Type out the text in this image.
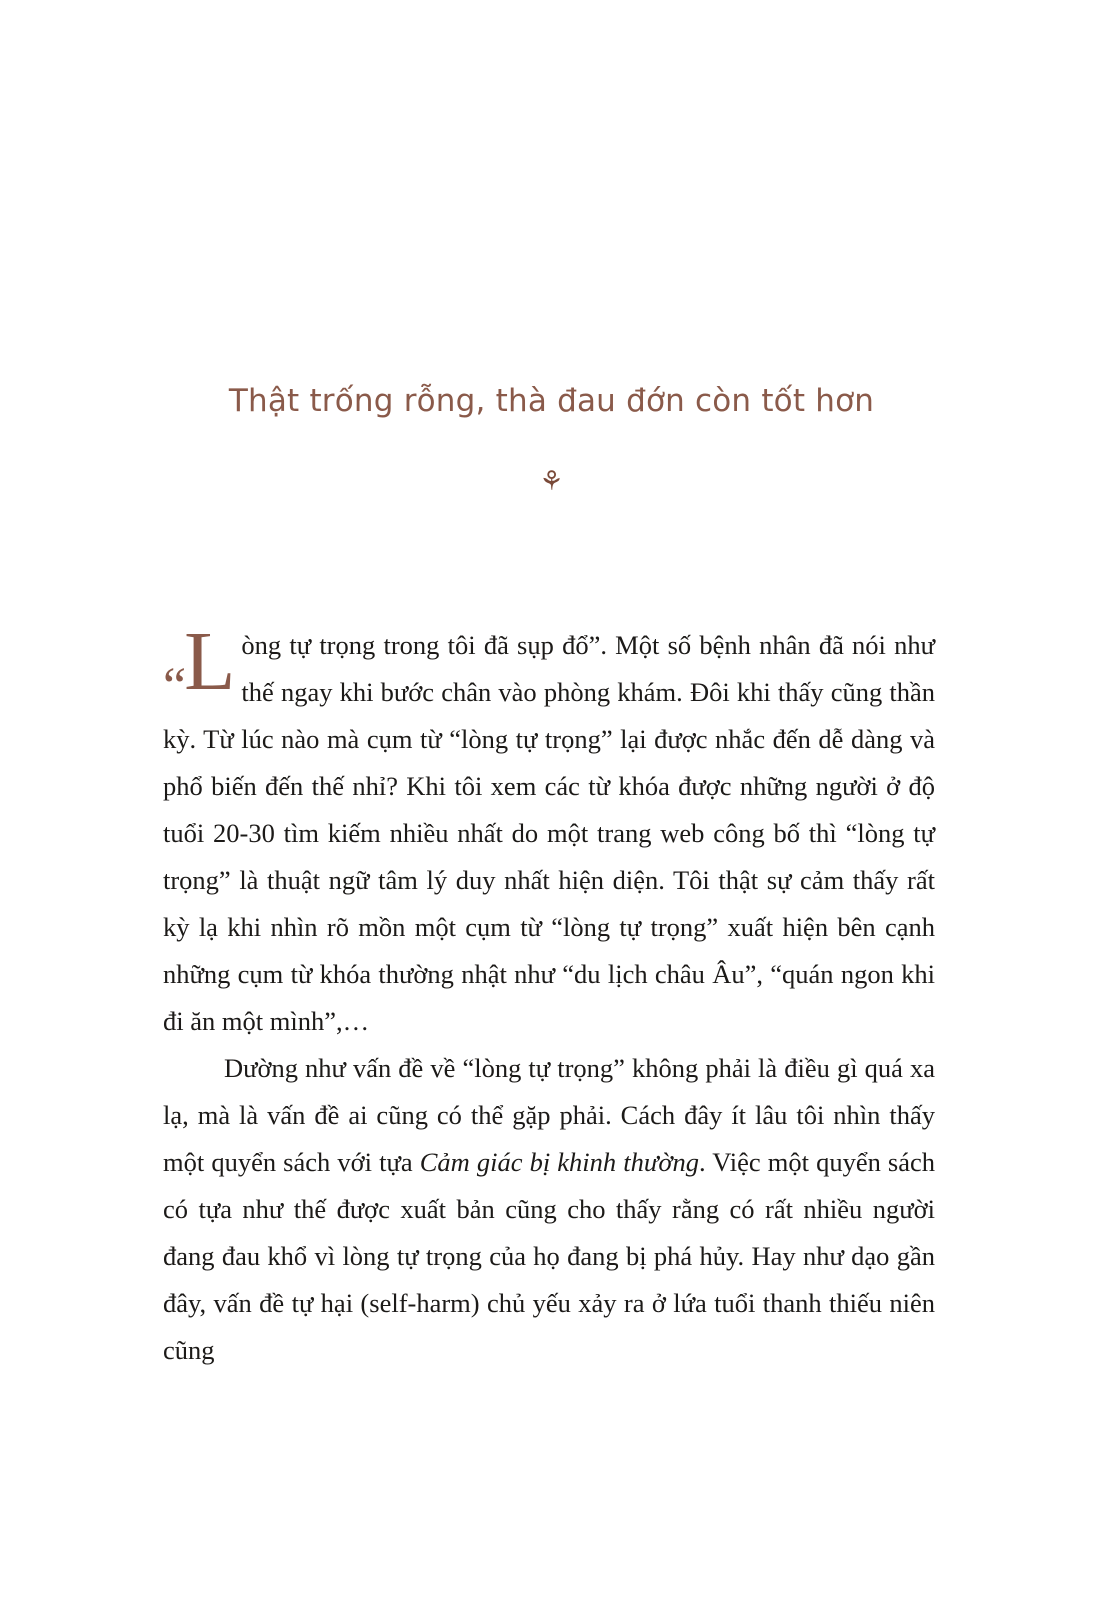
Thật trống rỗng, thà đau đớn còn tốt hơn
⚘

“L òng tự trọng trong tôi đã sụp đổ”. Một số bệnh nhân đã nói như thế ngay khi bước chân vào phòng khám. Đôi khi thấy cũng thần kỳ. Từ lúc nào mà cụm từ “lòng tự trọng” lại được nhắc đến dễ dàng và phổ biến đến thế nhỉ? Khi tôi xem các từ khóa được những người ở độ tuổi 20-30 tìm kiếm nhiều nhất do một trang web công bố thì “lòng tự trọng” là thuật ngữ tâm lý duy nhất hiện diện. Tôi thật sự cảm thấy rất kỳ lạ khi nhìn rõ mồn một cụm từ “lòng tự trọng” xuất hiện bên cạnh những cụm từ khóa thường nhật như “du lịch châu Âu”, “quán ngon khi đi ăn một mình”,…

Dường như vấn đề về “lòng tự trọng” không phải là điều gì quá xa lạ, mà là vấn đề ai cũng có thể gặp phải. Cách đây ít lâu tôi nhìn thấy một quyển sách với tựa Cảm giác bị khinh thường. Việc một quyển sách có tựa như thế được xuất bản cũng cho thấy rằng có rất nhiều người đang đau khổ vì lòng tự trọng của họ đang bị phá hủy. Hay như dạo gần đây, vấn đề tự hại (self-harm) chủ yếu xảy ra ở lứa tuổi thanh thiếu niên cũng
